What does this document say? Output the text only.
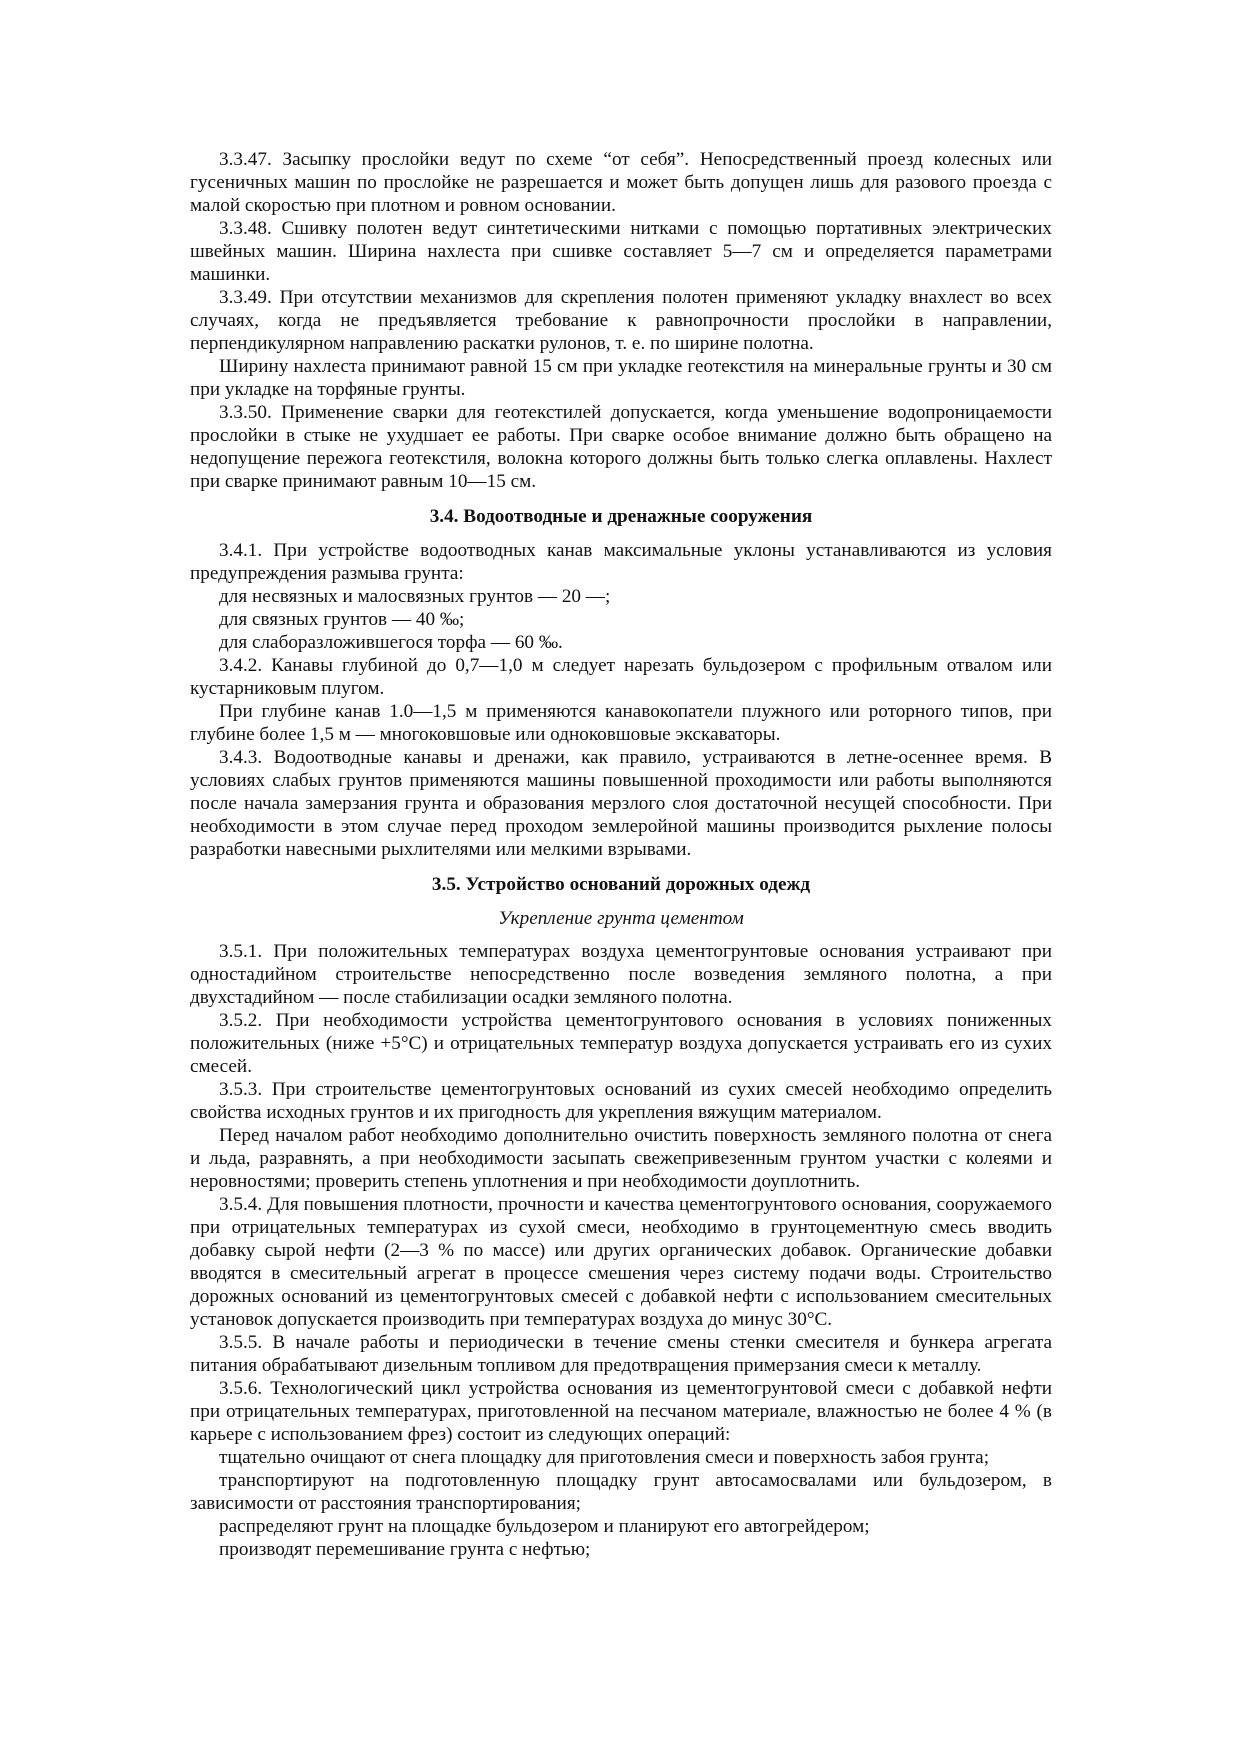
3.3.47. Засыпку прослойки ведут по схеме “от себя”. Непосредственный проезд колесных или гусеничных машин по прослойке не разрешается и может быть допущен лишь для разового проезда с малой скоростью при плотном и ровном основании.

3.3.48. Сшивку полотен ведут синтетическими нитками с помощью портативных электрических швейных машин. Ширина нахлеста при сшивке составляет 5—7 см и определяется параметрами машинки.

3.3.49. При отсутствии механизмов для скрепления полотен применяют укладку внахлест во всех случаях, когда не предъявляется требование к равнопрочности прослойки в направлении, перпендикулярном направлению раскатки рулонов, т. е. по ширине полотна.

Ширину нахлеста принимают равной 15 см при укладке геотекстиля на минеральные грунты и 30 см при укладке на торфяные грунты.

3.3.50. Применение сварки для геотекстилей допускается, когда уменьшение водопроницаемости прослойки в стыке не ухудшает ее работы. При сварке особое внимание должно быть обращено на недопущение пережога геотекстиля, волокна которого должны быть только слегка оплавлены. Нахлест при сварке принимают равным 10—15 см.

3.4. Водоотводные и дренажные сооружения

3.4.1. При устройстве водоотводных канав максимальные уклоны устанавливаются из условия предупреждения размыва грунта:

для несвязных и малосвязных грунтов — 20 —;

для связных грунтов — 40 ‰;

для слаборазложившегося торфа — 60 ‰.

3.4.2. Канавы глубиной до 0,7—1,0 м следует нарезать бульдозером с профильным отвалом или кустарниковым плугом.

При глубине канав 1.0—1,5 м применяются канавокопатели плужного или роторного типов, при глубине более 1,5 м — многоковшовые или одноковшовые экскаваторы.

3.4.3. Водоотводные канавы и дренажи, как правило, устраиваются в летне-осеннее время. В условиях слабых грунтов применяются машины повышенной проходимости или работы выполняются после начала замерзания грунта и образования мерзлого слоя достаточной несущей способности. При необходимости в этом случае перед проходом землеройной машины производится рыхление полосы разработки навесными рыхлителями или мелкими взрывами.

3.5. Устройство оснований дорожных одежд
Укрепление грунта цементом

3.5.1. При положительных температурах воздуха цементогрунтовые основания устраивают при одностадийном строительстве непосредственно после возведения земляного полотна, а при двухстадийном — после стабилизации осадки земляного полотна.

3.5.2. При необходимости устройства цементогрунтового основания в условиях пониженных положительных (ниже +5°С) и отрицательных температур воздуха допускается устраивать его из сухих смесей.

3.5.3. При строительстве цементогрунтовых оснований из сухих смесей необходимо определить свойства исходных грунтов и их пригодность для укрепления вяжущим материалом.

Перед началом работ необходимо дополнительно очистить поверхность земляного полотна от снега и льда, разравнять, а при необходимости засыпать свежепривезенным грунтом участки с колеями и неровностями; проверить степень уплотнения и при необходимости доуплотнить.

3.5.4. Для повышения плотности, прочности и качества цементогрунтового основания, сооружаемого при отрицательных температурах из сухой смеси, необходимо в грунтоцементную смесь вводить добавку сырой нефти (2—3 % по массе) или других органических добавок. Органические добавки вводятся в смесительный агрегат в процессе смешения через систему подачи воды. Строительство дорожных оснований из цементогрунтовых смесей с добавкой нефти с использованием смесительных установок допускается производить при температурах воздуха до минус 30°С.

3.5.5. В начале работы и периодически в течение смены стенки смесителя и бункера агрегата питания обрабатывают дизельным топливом для предотвращения примерзания смеси к металлу.

3.5.6. Технологический цикл устройства основания из цементогрунтовой смеси с добавкой нефти при отрицательных температурах, приготовленной на песчаном материале, влажностью не более 4 % (в карьере с использованием фрез) состоит из следующих операций:

тщательно очищают от снега площадку для приготовления смеси и поверхность забоя грунта;

транспортируют на подготовленную площадку грунт автосамосвалами или бульдозером, в зависимости от расстояния транспортирования;

распределяют грунт на площадке бульдозером и планируют его автогрейдером;

производят перемешивание грунта с нефтью;
